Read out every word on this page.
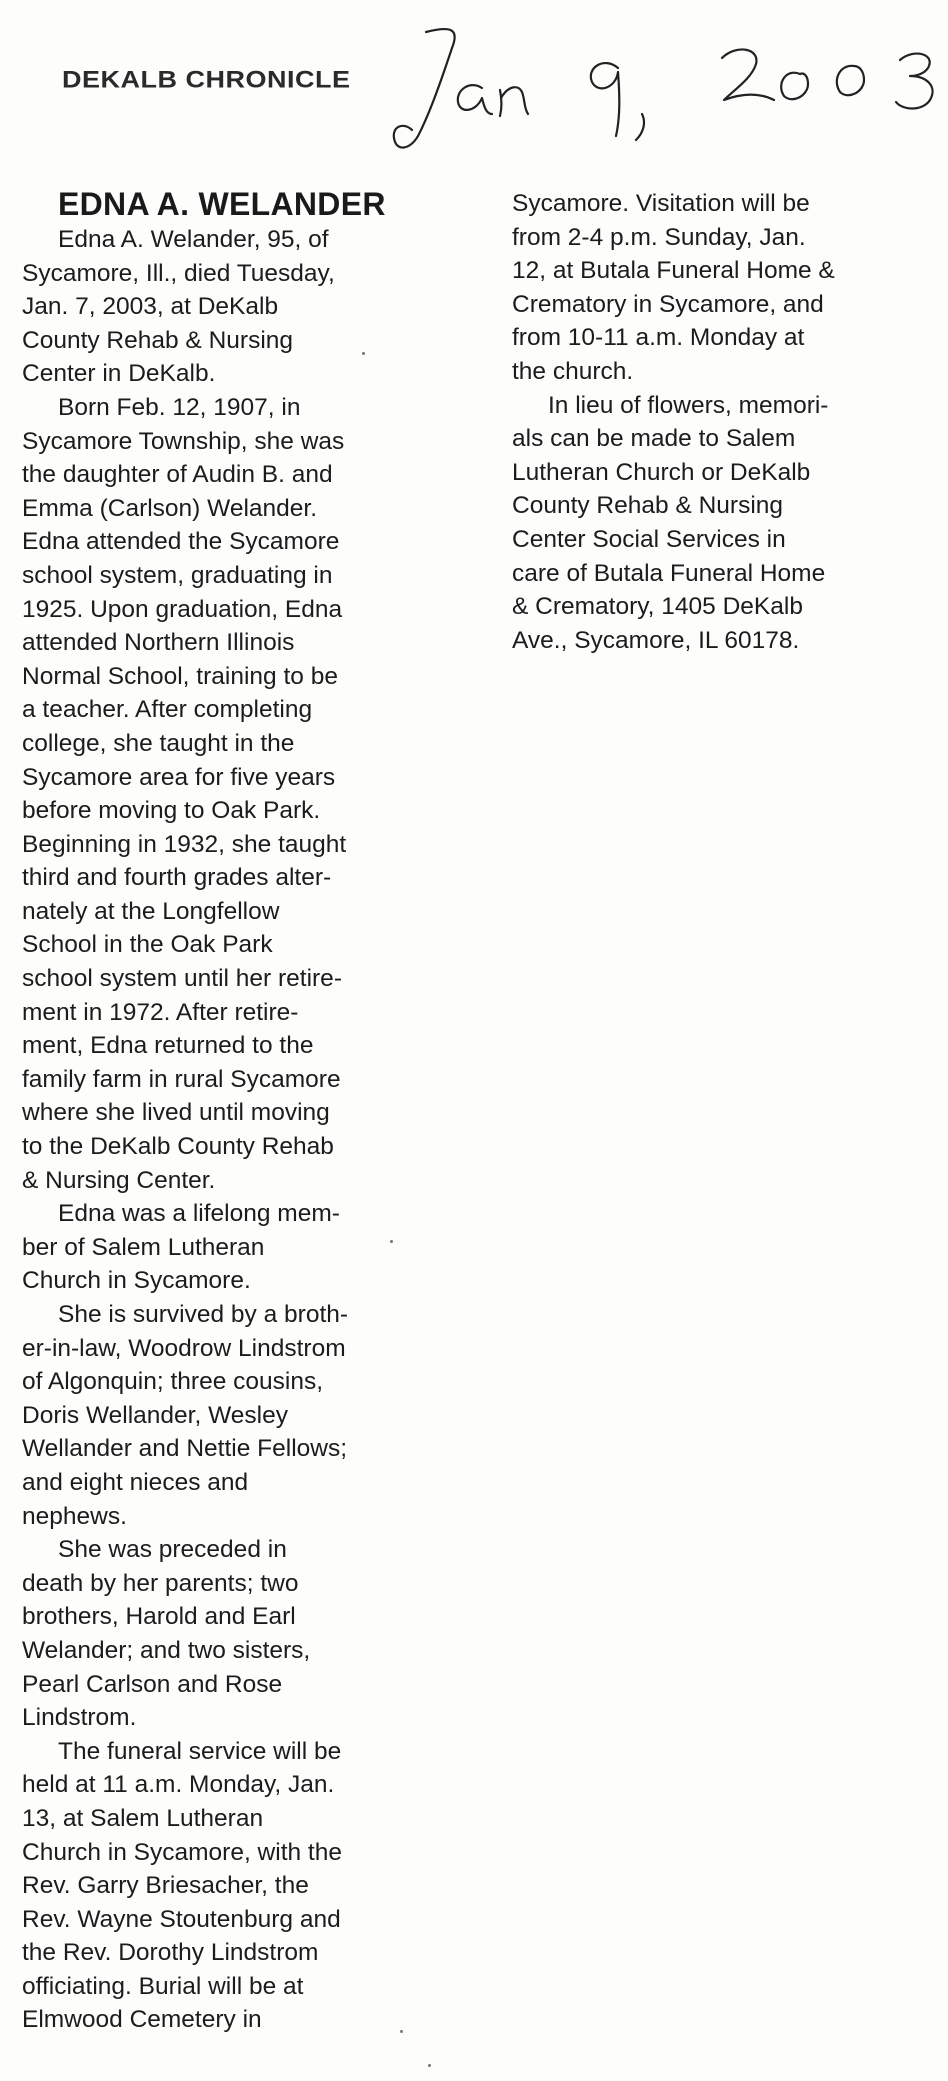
DEKALB CHRONICLE
EDNA A. WELANDER

Edna A. Welander, 95, of
Sycamore, Ill., died Tuesday,
Jan. 7, 2003, at DeKalb
County Rehab & Nursing
Center in DeKalb.

Born Feb. 12, 1907, in
Sycamore Township, she was
the daughter of Audin B. and
Emma (Carlson) Welander.
Edna attended the Sycamore
school system, graduating in
1925. Upon graduation, Edna
attended Northern Illinois
Normal School, training to be
a teacher. After completing
college, she taught in the
Sycamore area for five years
before moving to Oak Park.
Beginning in 1932, she taught
third and fourth grades alter-
nately at the Longfellow
School in the Oak Park
school system until her retire-
ment in 1972. After retire-
ment, Edna returned to the
family farm in rural Sycamore
where she lived until moving
to the DeKalb County Rehab
& Nursing Center.

Edna was a lifelong mem-
ber of Salem Lutheran
Church in Sycamore.

She is survived by a broth-
er-in-law, Woodrow Lindstrom
of Algonquin; three cousins,
Doris Wellander, Wesley
Wellander and Nettie Fellows;
and eight nieces and
nephews.

She was preceded in
death by her parents; two
brothers, Harold and Earl
Welander; and two sisters,
Pearl Carlson and Rose
Lindstrom.

The funeral service will be
held at 11 a.m. Monday, Jan.
13, at Salem Lutheran
Church in Sycamore, with the
Rev. Garry Briesacher, the
Rev. Wayne Stoutenburg and
the Rev. Dorothy Lindstrom
officiating. Burial will be at
Elmwood Cemetery in

Sycamore. Visitation will be
from 2-4 p.m. Sunday, Jan.
12, at Butala Funeral Home &
Crematory in Sycamore, and
from 10-11 a.m. Monday at
the church.

In lieu of flowers, memori-
als can be made to Salem
Lutheran Church or DeKalb
County Rehab & Nursing
Center Social Services in
care of Butala Funeral Home
& Crematory, 1405 DeKalb
Ave., Sycamore, IL 60178.
